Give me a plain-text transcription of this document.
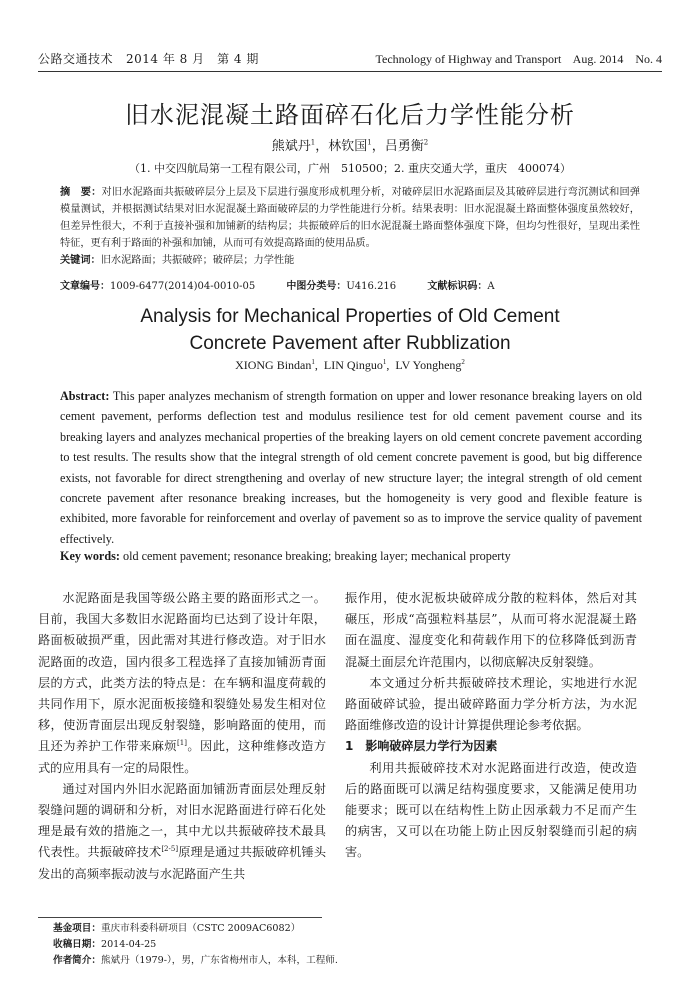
公路交通技术 2014 年 8 月　第 4 期	Technology of Highway and Transport Aug. 2014　No. 4
旧水泥混凝土路面碎石化后力学性能分析
熊斌丹$^1$，林钦国$^1$，吕勇衡$^2$
（1. 中交四航局第一工程有限公司，广州　510500；2. 重庆交通大学，重庆　400074）
摘　要：对旧水泥路面共振破碎层分上层及下层进行强度形成机理分析，对破碎层旧水泥路面层及其破碎层进行弯沉测试和回弹模量测试，并根据测试结果对旧水泥混凝土路面破碎层的力学性能进行分析。结果表明：旧水泥混凝土路面整体强度虽然较好，但差异性很大，不利于直接补强和加铺新的结构层；共振破碎后的旧水泥混凝土路面整体强度下降，但均匀性很好，呈现出柔性特征，更有利于路面的补强和加铺，从而可有效提高路面的使用品质。
关键词：旧水泥路面；共振破碎；破碎层；力学性能
文章编号：1009-6477(2014)04-0010-05	中图分类号：U416.216	文献标识码：A
Analysis for Mechanical Properties of Old Cement
Concrete Pavement after Rubblization
XIONG Bindan$^1$,  LIN Qinguo$^1$,  LV Yongheng$^2$
Abstract: This paper analyzes mechanism of strength formation on upper and lower resonance breaking layers on old cement pavement, performs deflection test and modulus resilience test for old cement pavement course and its breaking layers and analyzes mechanical properties of the breaking layers on old cement concrete pavement according to test results. The results show that the integral strength of old cement concrete pavement is good, but big difference exists, not favorable for direct strengthening and overlay of new structure layer; the integral strength of old cement concrete pavement after resonance breaking increases, but the homogeneity is very good and flexible feature is exhibited, more favorable for reinforcement and overlay of pavement so as to improve the service quality of pavement effectively.
Key words: old cement pavement; resonance breaking; breaking layer; mechanical property

水泥路面是我国等级公路主要的路面形式之一。目前，我国大多数旧水泥路面均已达到了设计年限，路面板破损严重，因此需对其进行修改造。对于旧水泥路面的改造，国内很多工程选择了直接加铺沥青面层的方式，此类方法的特点是：在车辆和温度荷载的共同作用下，原水泥面板接缝和裂缝处易发生相对位移，使沥青面层出现反射裂缝，影响路面的使用，而且还为养护工作带来麻烦[1]。因此，这种维修改造方式的应用具有一定的局限性。

通过对国内外旧水泥路面加铺沥青面层处理反射裂缝问题的调研和分析，对旧水泥路面进行碎石化处理是最有效的措施之一，其中尤以共振破碎技术最具代表性。共振破碎技术[2-5]原理是通过共振破碎机锤头发出的高频率振动波与水泥路面产生共

振作用，使水泥板块破碎成分散的粒料体，然后对其碾压，形成“高强粒料基层”，从而可将水泥混凝土路面在温度、湿度变化和荷载作用下的位移降低到沥青混凝土面层允许范围内，以彻底解决反射裂缝。

本文通过分析共振破碎技术理论，实地进行水泥路面破碎试验，提出破碎路面力学分析方法，为水泥路面维修改造的设计计算提供理论参考依据。

1　影响破碎层力学行为因素

利用共振破碎技术对水泥路面进行改造，使改造后的路面既可以满足结构强度要求，又能满足使用功能要求；既可以在结构性上防止因承载力不足而产生的病害，又可以在功能上防止因反射裂缝而引起的病害。

基金项目：重庆市科委科研项目（CSTC 2009AC6082）
收稿日期：2014-04-25
作者简介：熊斌丹（1979-），男，广东省梅州市人，本科，工程师.
